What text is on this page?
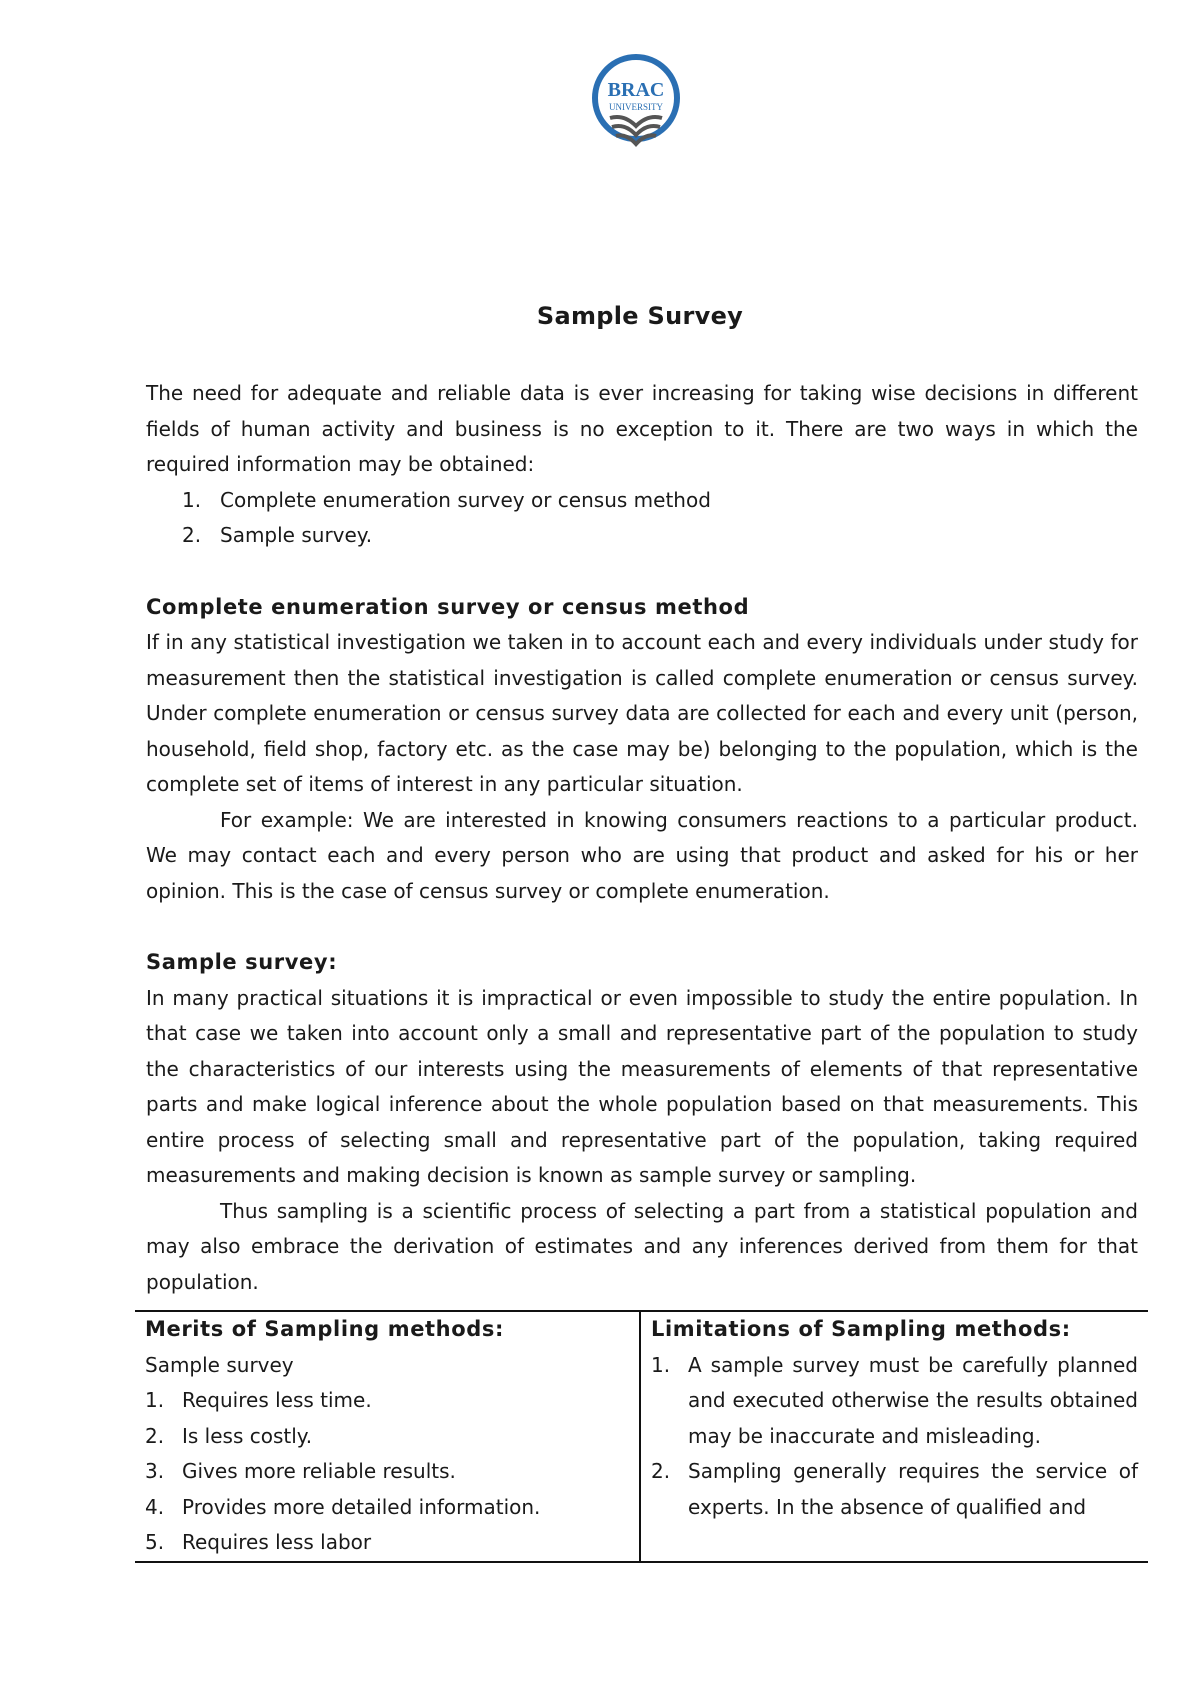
BRAC
UNIVERSITY
Sample Survey

The need for adequate and reliable data is ever increasing for taking wise decisions in different fields of human activity and business is no exception to it. There are two ways in which the required information may be obtained:

1. Complete enumeration survey or census method
2. Sample survey.
Complete enumeration survey or census method

If in any statistical investigation we taken in to account each and every individuals under study for measurement then the statistical investigation is called complete enumeration or census survey. Under complete enumeration or census survey data are collected for each and every unit (person, household, field shop, factory etc. as the case may be) belonging to the population, which is the complete set of items of interest in any particular situation.

For example: We are interested in knowing consumers reactions to a particular product. We may contact each and every person who are using that product and asked for his or her opinion. This is the case of census survey or complete enumeration.

Sample survey:

In many practical situations it is impractical or even impossible to study the entire population. In that case we taken into account only a small and representative part of the population to study the characteristics of our interests using the measurements of elements of that representative parts and make logical inference about the whole population based on that measurements. This entire process of selecting small and representative part of the population, taking required measurements and making decision is known as sample survey or sampling.

Thus sampling is a scientific process of selecting a part from a statistical population and may also embrace the derivation of estimates and any inferences derived from them for that population.

Merits of Sampling methods:
Sample survey
1. Requires less time.
2. Is less costly.
3. Gives more reliable results.
4. Provides more detailed information.
5. Requires less labor

Limitations of Sampling methods:
1. A sample survey must be carefully planned and executed otherwise the results obtained may be inaccurate and misleading.
2. Sampling generally requires the service of experts. In the absence of qualified and
